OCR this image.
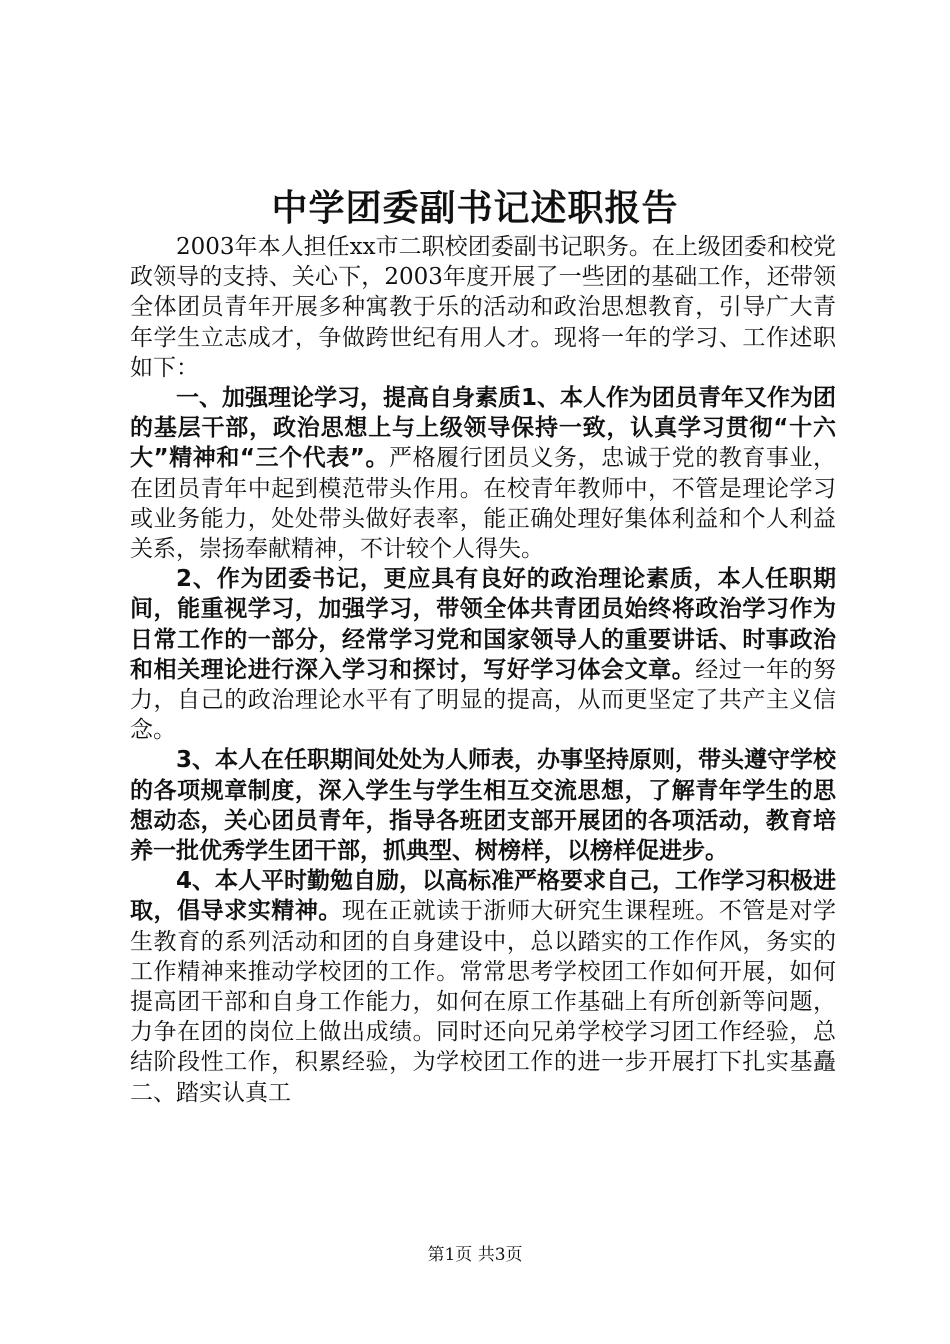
中学团委副书记述职报告

2003年本人担任xx市二职校团委副书记职务。在上级团委和校党政领导的支持、关心下，2003年度开展了一些团的基础工作，还带领全体团员青年开展多种寓教于乐的活动和政治思想教育，引导广大青年学生立志成才，争做跨世纪有用人才。现将一年的学习、工作述职如下：

一、加强理论学习，提高自身素质1、本人作为团员青年又作为团的基层干部，政治思想上与上级领导保持一致，认真学习贯彻“十六大”精神和“三个代表”。严格履行团员义务，忠诚于党的教育事业，在团员青年中起到模范带头作用。在校青年教师中，不管是理论学习或业务能力，处处带头做好表率，能正确处理好集体利益和个人利益关系，崇扬奉献精神，不计较个人得失。

2、作为团委书记，更应具有良好的政治理论素质，本人任职期间，能重视学习，加强学习，带领全体共青团员始终将政治学习作为日常工作的一部分，经常学习党和国家领导人的重要讲话、时事政治和相关理论进行深入学习和探讨，写好学习体会文章。经过一年的努力，自己的政治理论水平有了明显的提高，从而更坚定了共产主义信念。

3、本人在任职期间处处为人师表，办事坚持原则，带头遵守学校的各项规章制度，深入学生与学生相互交流思想，了解青年学生的思想动态，关心团员青年，指导各班团支部开展团的各项活动，教育培养一批优秀学生团干部，抓典型、树榜样，以榜样促进步。

4、本人平时勤勉自励，以高标准严格要求自己，工作学习积极进取，倡导求实精神。现在正就读于浙师大研究生课程班。不管是对学生教育的系列活动和团的自身建设中，总以踏实的工作作风，务实的工作精神来推动学校团的工作。常常思考学校团工作如何开展，如何提高团干部和自身工作能力，如何在原工作基础上有所创新等问题，力争在团的岗位上做出成绩。同时还向兄弟学校学习团工作经验，总结阶段性工作，积累经验，为学校团工作的进一步开展打下扎实基矗二、踏实认真工

第1页 共3页
